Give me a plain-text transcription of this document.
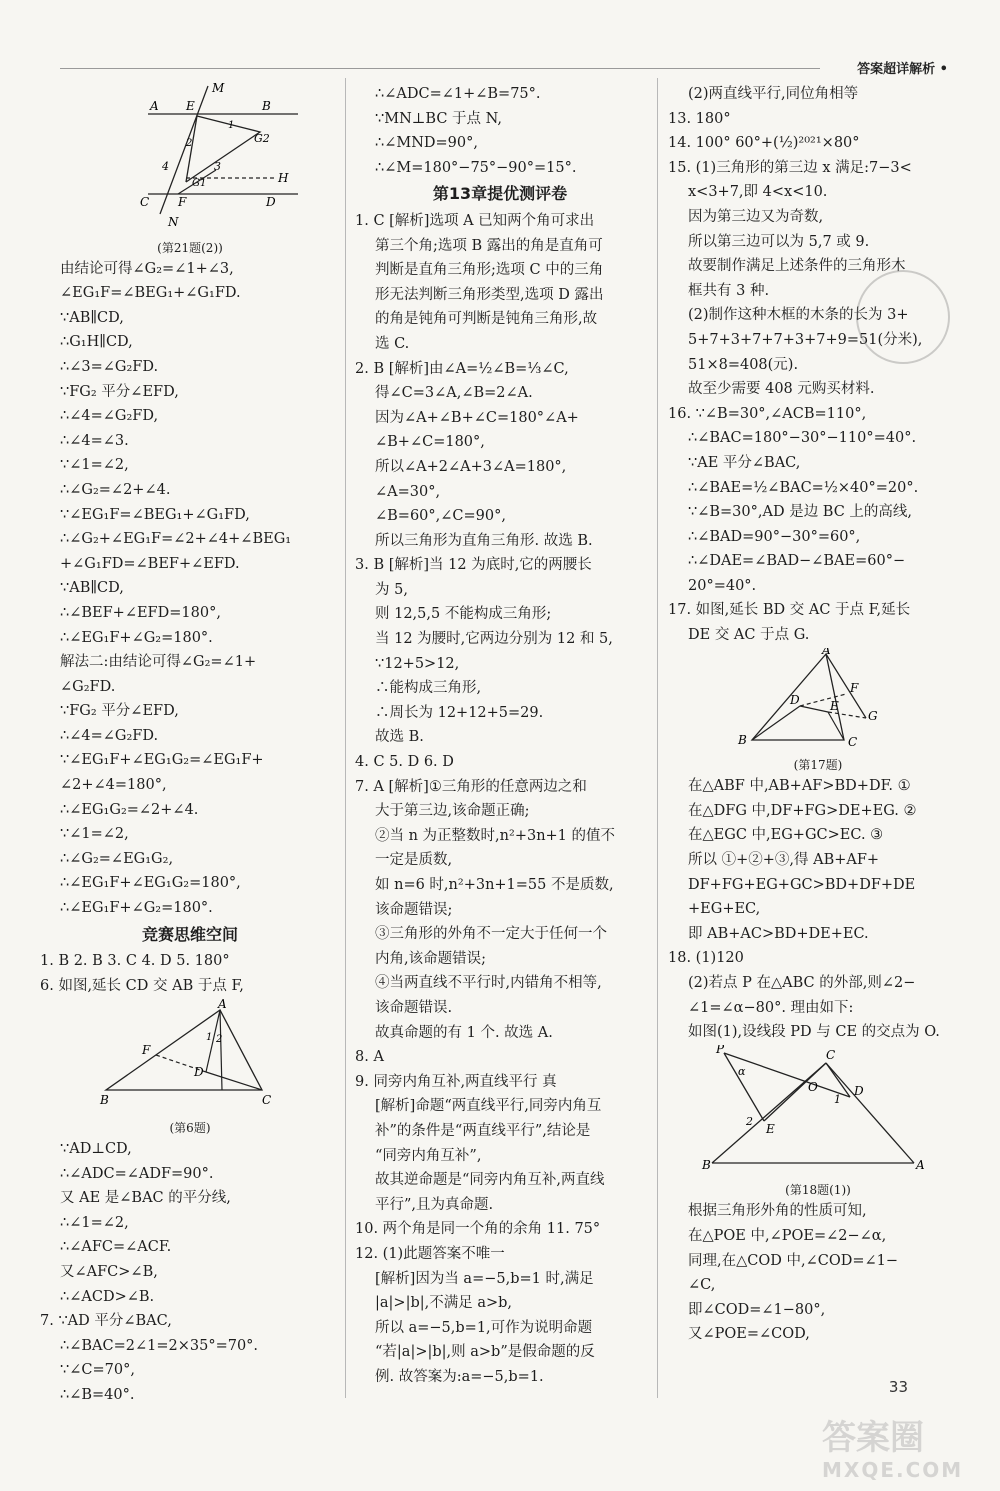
答案超详解析 •
A E
M
B
G2
1
2
4	3
G1	H
C F	D
N
(第21题(2))
由结论可得∠G₂=∠1+∠3,
∠EG₁F=∠BEG₁+∠G₁FD.
∵AB∥CD,
∴G₁H∥CD,
∴∠3=∠G₂FD.
∵FG₂ 平分∠EFD,
∴∠4=∠G₂FD,
∴∠4=∠3.
∵∠1=∠2,
∴∠G₂=∠2+∠4.
∵∠EG₁F=∠BEG₁+∠G₁FD,
∴∠G₂+∠EG₁F=∠2+∠4+∠BEG₁
+∠G₁FD=∠BEF+∠EFD.
∵AB∥CD,
∴∠BEF+∠EFD=180°,
∴∠EG₁F+∠G₂=180°.
解法二:由结论可得∠G₂=∠1+
∠G₂FD.
∵FG₂ 平分∠EFD,
∴∠4=∠G₂FD.
∵∠EG₁F+∠EG₁G₂=∠EG₁F+
∠2+∠4=180°,
∴∠EG₁G₂=∠2+∠4.
∵∠1=∠2,
∴∠G₂=∠EG₁G₂,
∴∠EG₁F+∠EG₁G₂=180°,
∴∠EG₁F+∠G₂=180°.
竞赛思维空间
1. B 2. B 3. C 4. D 5. 180°
6. 如图,延长 CD 交 AB 于点 F,
A
F
1 2
D
B	C
(第6题)
∵AD⊥CD,
∴∠ADC=∠ADF=90°.
又 AE 是∠BAC 的平分线,
∴∠1=∠2,
∴∠AFC=∠ACF.
又∠AFC>∠B,
∴∠ACD>∠B.
7. ∵AD 平分∠BAC,
∴∠BAC=2∠1=2×35°=70°.
∵∠C=70°,
∴∠B=40°.
∴∠ADC=∠1+∠B=75°.
∵MN⊥BC 于点 N,
∴∠MND=90°,
∴∠M=180°−75°−90°=15°.
第13章提优测评卷
1. C [解析]选项 A 已知两个角可求出
第三个角;选项 B 露出的角是直角可
判断是直角三角形;选项 C 中的三角
形无法判断三角形类型,选项 D 露出
的角是钝角可判断是钝角三角形,故
选 C.
2. B [解析]由∠A=½∠B=⅓∠C,
得∠C=3∠A,∠B=2∠A.
因为∠A+∠B+∠C=180°∠A+
∠B+∠C=180°,
所以∠A+2∠A+3∠A=180°,
∠A=30°,
∠B=60°,∠C=90°,
所以三角形为直角三角形. 故选 B.
3. B [解析]当 12 为底时,它的两腰长
为 5,
则 12,5,5 不能构成三角形;
当 12 为腰时,它两边分别为 12 和 5,
∵12+5>12,
∴能构成三角形,
∴周长为 12+12+5=29.
故选 B.
4. C 5. D 6. D
7. A [解析]①三角形的任意两边之和
大于第三边,该命题正确;
②当 n 为正整数时,n²+3n+1 的值不
一定是质数,
如 n=6 时,n²+3n+1=55 不是质数,
该命题错误;
③三角形的外角不一定大于任何一个
内角,该命题错误;
④当两直线不平行时,内错角不相等,
该命题错误.
故真命题的有 1 个. 故选 A.
8. A
9. 同旁内角互补,两直线平行 真
[解析]命题“两直线平行,同旁内角互
补”的条件是“两直线平行”,结论是
“同旁内角互补”,
故其逆命题是“同旁内角互补,两直线
平行”,且为真命题.
10. 两个角是同一个角的余角 11. 75°
12. (1)此题答案不唯一
[解析]因为当 a=−5,b=1 时,满足
|a|>|b|,不满足 a>b,
所以 a=−5,b=1,可作为说明命题
“若|a|>|b|,则 a>b”是假命题的反
例. 故答案为:a=−5,b=1.
(2)两直线平行,同位角相等
13. 180°
14. 100° 60°+(½)²⁰²¹×80°
15. (1)三角形的第三边 x 满足:7−3<
x<3+7,即 4<x<10.
因为第三边又为奇数,
所以第三边可以为 5,7 或 9.
故要制作满足上述条件的三角形木
框共有 3 种.
(2)制作这种木框的木条的长为 3+
5+7+3+7+7+3+7+9=51(分米),
51×8=408(元).
故至少需要 408 元购买材料.
16. ∵∠B=30°,∠ACB=110°,
∴∠BAC=180°−30°−110°=40°.
∵AE 平分∠BAC,
∴∠BAE=½∠BAC=½×40°=20°.
∵∠B=30°,AD 是边 BC 上的高线,
∴∠BAD=90°−30°=60°,
∴∠DAE=∠BAD−∠BAE=60°−
20°=40°.
17. 如图,延长 BD 交 AC 于点 F,延长
DE 交 AC 于点 G.
A
F
D	E
G
B	C
(第17题)
在△ABF 中,AB+AF>BD+DF. ①
在△DFG 中,DF+FG>DE+EG. ②
在△EGC 中,EG+GC>EC. ③
所以 ①+②+③,得 AB+AF+
DF+FG+EG+GC>BD+DF+DE
+EG+EC,
即 AB+AC>BD+DE+EC.
18. (1)120
(2)若点 P 在△ABC 的外部,则∠2−
∠1=∠α−80°. 理由如下:
如图(1),设线段 PD 与 CE 的交点为 O.
P
α
C
O	D
1
2
E
B	A
(第18题(1))
根据三角形外角的性质可知,
在△POE 中,∠POE=∠2−∠α,
同理,在△COD 中,∠COD=∠1−
∠C,
即∠COD=∠1−80°,
又∠POE=∠COD,
33
答案圈
MXQE.COM
